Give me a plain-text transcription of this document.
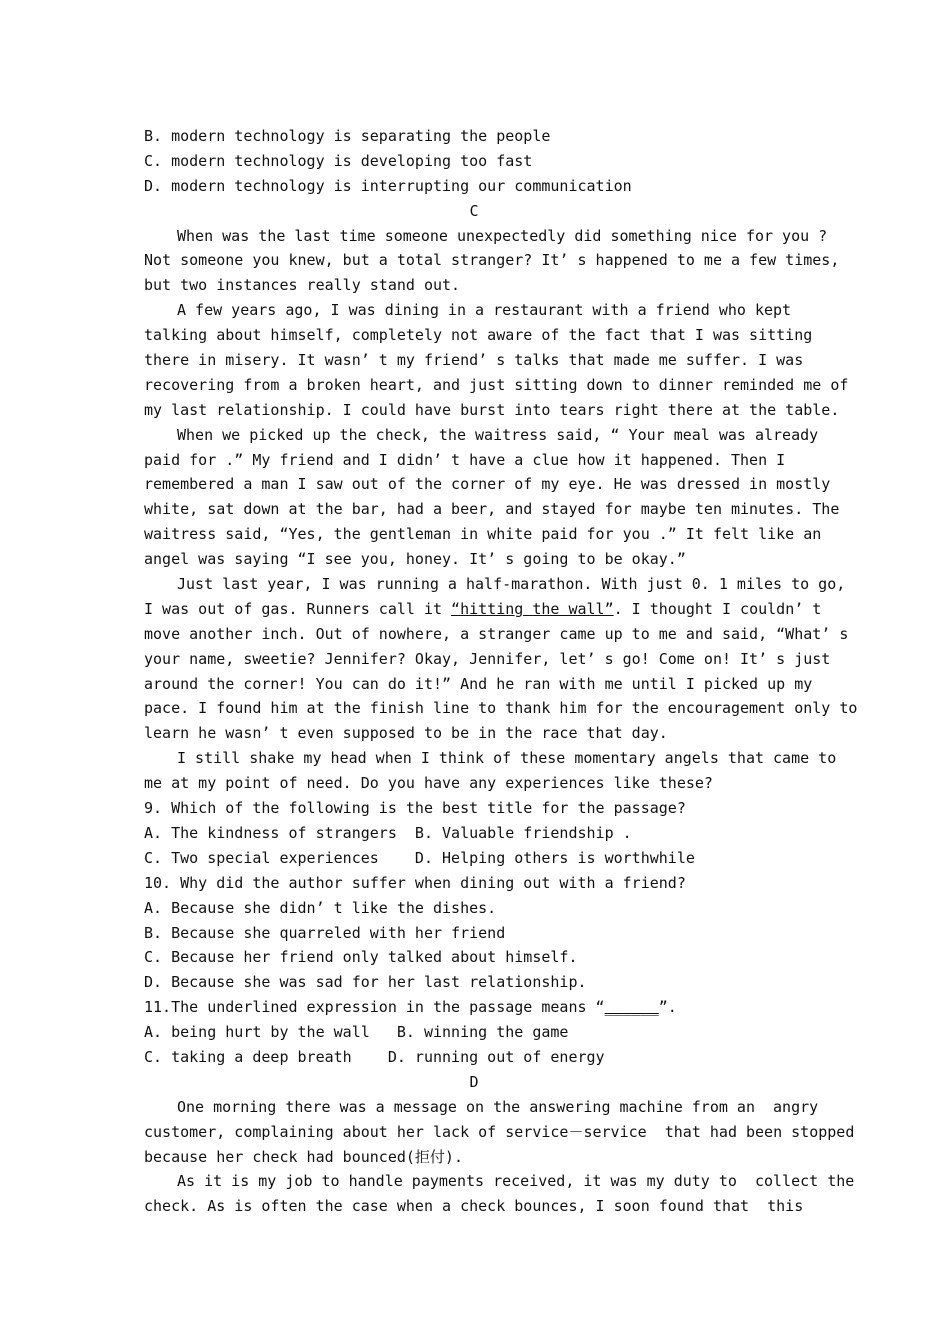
B. modern technology is separating the people
C. modern technology is developing too fast
D. modern technology is interrupting our communication
C
When was the last time someone unexpectedly did something nice for you ?
Not someone you knew, but a total stranger? It’ s happened to me a few times,
but two instances really stand out.
A few years ago, I was dining in a restaurant with a friend who kept
talking about himself, completely not aware of the fact that I was sitting
there in misery. It wasn’ t my friend’ s talks that made me suffer. I was
recovering from a broken heart, and just sitting down to dinner reminded me of
my last relationship. I could have burst into tears right there at the table.
When we picked up the check, the waitress said, “ Your meal was already
paid for .” My friend and I didn’ t have a clue how it happened. Then I
remembered a man I saw out of the corner of my eye. He was dressed in mostly
white, sat down at the bar, had a beer, and stayed for maybe ten minutes. The
waitress said, “Yes, the gentleman in white paid for you .” It felt like an
angel was saying “I see you, honey. It’ s going to be okay.”
Just last year, I was running a half-marathon. With just 0. 1 miles to go,
I was out of gas. Runners call it “hitting the wall”. I thought I couldn’ t
move another inch. Out of nowhere, a stranger came up to me and said, “What’ s
your name, sweetie? Jennifer? Okay, Jennifer, let’ s go! Come on! It’ s just
around the corner! You can do it!” And he ran with me until I picked up my
pace. I found him at the finish line to thank him for the encouragement only to
learn he wasn’ t even supposed to be in the race that day.
I still shake my head when I think of these momentary angels that came to
me at my point of need. Do you have any experiences like these?
9. Which of the following is the best title for the passage?
A. The kindness of strangers  B. Valuable friendship .
C. Two special experiences    D. Helping others is worthwhile
10. Why did the author suffer when dining out with a friend?
A. Because she didn’ t like the dishes.
B. Because she quarreled with her friend
C. Because her friend only talked about himself.
D. Because she was sad for her last relationship.
11.The underlined expression in the passage means “______”.
A. being hurt by the wall   B. winning the game
C. taking a deep breath    D. running out of energy
D
One morning there was a message on the answering machine from an  angry
customer, complaining about her lack of service－service  that had been stopped
because her check had bounced(拒付).
As it is my job to handle payments received, it was my duty to  collect the
check. As is often the case when a check bounces, I soon found that  this
